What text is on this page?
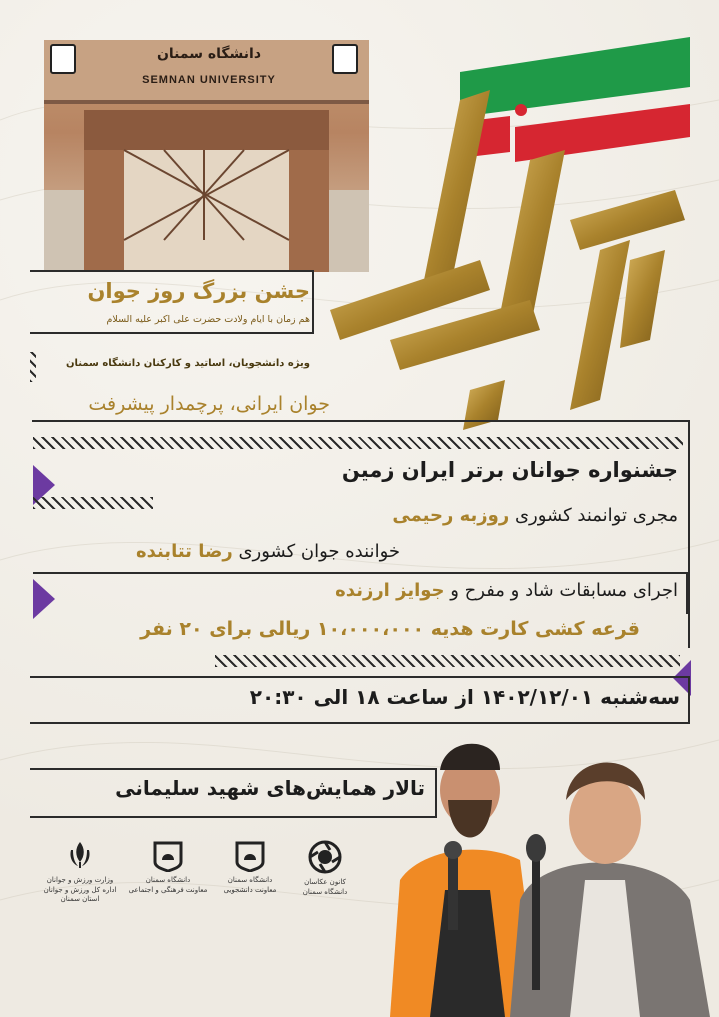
دانشگاه سمنان
SEMNAN UNIVERSITY
جشن بزرگ روز جوان
هم زمان با ایام ولادت حضرت علی اکبر علیه السلام
ویژه دانشجویان، اساتید و کارکنان دانشگاه سمنان
جوان ایرانی، پرچمدار پیشرفت
جشنواره جوانان برتر ایران زمین
مجری توانمند کشوری روزبه رحیمی
خواننده جوان کشوری رضا تتابنده
اجرای مسابقات شاد و مفرح و جوایز ارزنده
قرعه کشی کارت هدیه ۱۰،۰۰۰،۰۰۰ ریالی برای ۲۰ نفر
سه‌شنبه ۱۴۰۲/۱۲/۰۱ از ساعت ۱۸ الی ۲۰:۳۰
تالار همایش‌های شهید سلیمانی
وزارت ورزش و جوانان
اداره کل ورزش و جوانان استان سمنان
دانشگاه سمنان
معاونت فرهنگی و اجتماعی
دانشگاه سمنان
معاونت دانشجویی
کانون عکاسان
دانشگاه سمنان
